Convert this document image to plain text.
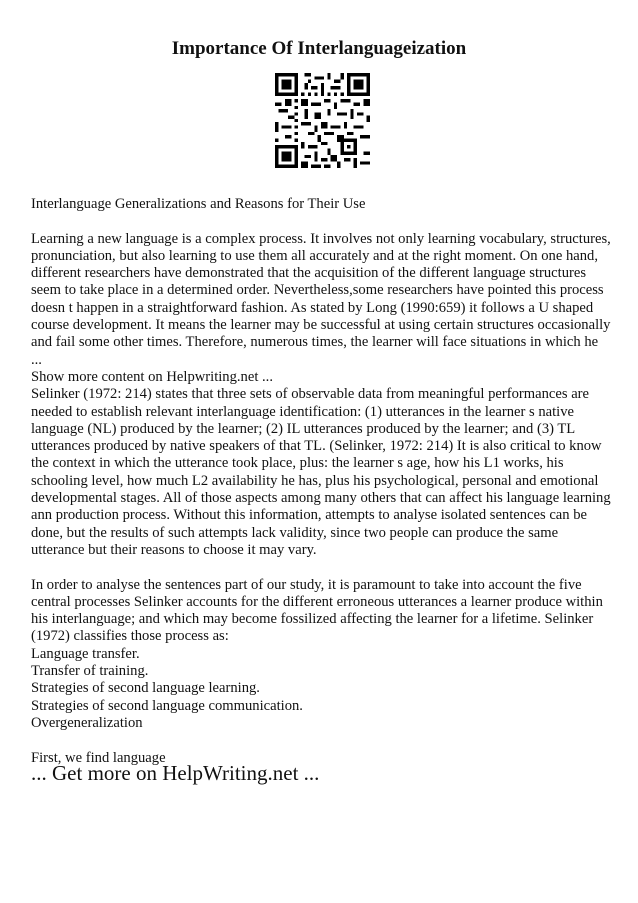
Importance Of Interlanguageization

Interlanguage Generalizations and Reasons for Their Use

Learning a new language is a complex process. It involves not only learning vocabulary, structures, pronunciation, but also learning to use them all accurately and at the right moment. On one hand, different researchers have demonstrated that the acquisition of the different language structures seem to take place in a determined order. Nevertheless,some researchers have pointed this process doesn t happen in a straightforward fashion. As stated by Long (1990:659) it follows a U shaped course development. It means the learner may be successful at using certain structures occasionally and fail some other times. Therefore, numerous times, the learner will face situations in which he ...

Show more content on Helpwriting.net ...

Selinker (1972: 214) states that three sets of observable data from meaningful performances are needed to establish relevant interlanguage identification: (1) utterances in the learner s native language (NL) produced by the learner; (2) IL utterances produced by the learner; and (3) TL utterances produced by native speakers of that TL. (Selinker, 1972: 214) It is also critical to know the context in which the utterance took place, plus: the learner s age, how his L1 works, his schooling level, how much L2 availability he has, plus his psychological, personal and emotional developmental stages. All of those aspects among many others that can affect his language learning ann production process. Without this information, attempts to analyse isolated sentences can be done, but the results of such attempts lack validity, since two people can produce the same utterance but their reasons to choose it may vary.

In order to analyse the sentences part of our study, it is paramount to take into account the five central processes Selinker accounts for the different erroneous utterances a learner produce within his interlanguage; and which may become fossilized affecting the learner for a lifetime. Selinker (1972) classifies those process as:

Language transfer.

Transfer of training.

Strategies of second language learning.

Strategies of second language communication.

Overgeneralization

First, we find language

... Get more on HelpWriting.net ...
